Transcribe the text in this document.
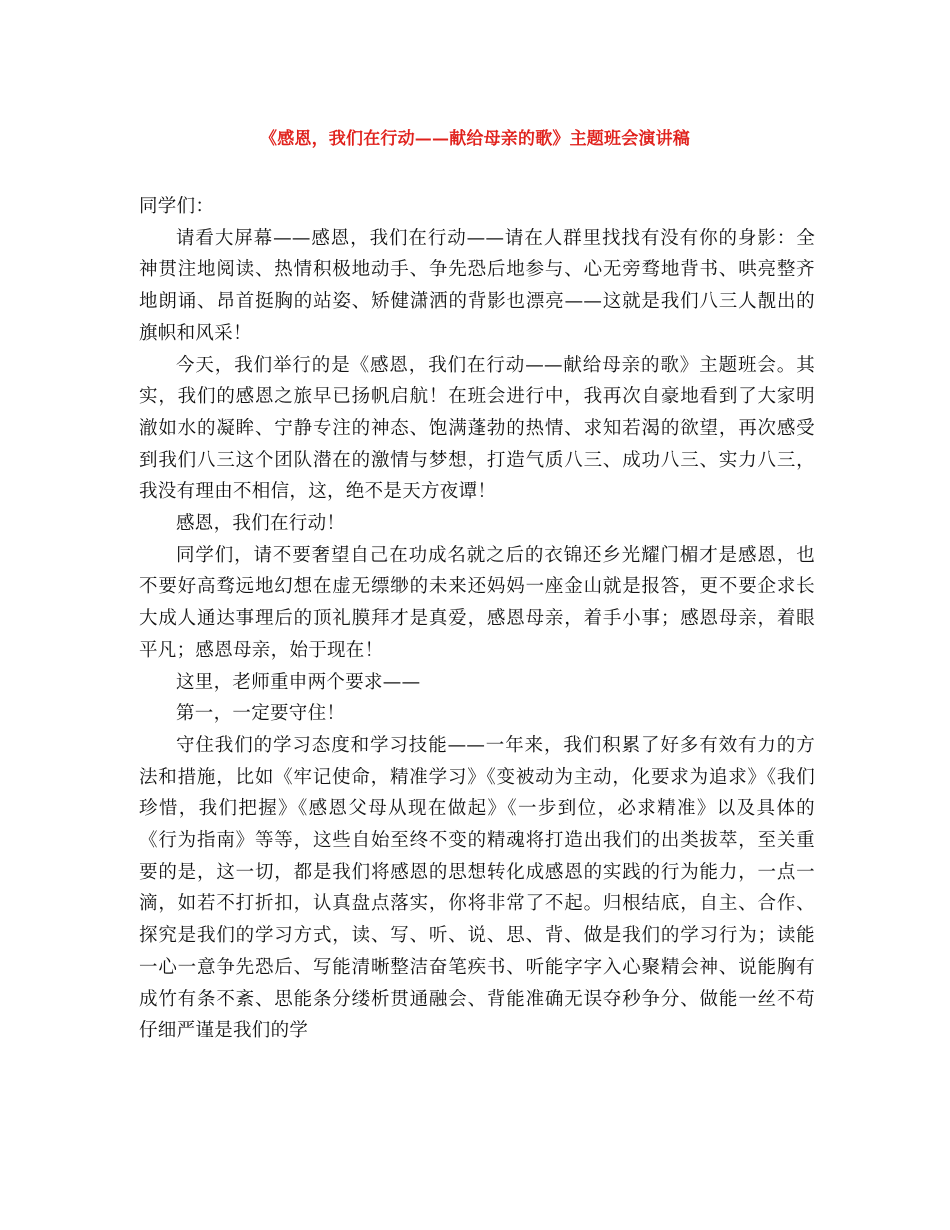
《感恩，我们在行动——献给母亲的歌》主题班会演讲稿

同学们：

请看大屏幕——感恩，我们在行动——请在人群里找找有没有你的身影：全神贯注地阅读、热情积极地动手、争先恐后地参与、心无旁骛地背书、哄亮整齐地朗诵、昂首挺胸的站姿、矫健潇洒的背影也漂亮——这就是我们八三人靓出的旗帜和风采！

今天，我们举行的是《感恩，我们在行动——献给母亲的歌》主题班会。其实，我们的感恩之旅早已扬帆启航！在班会进行中，我再次自豪地看到了大家明澈如水的凝眸、宁静专注的神态、饱满蓬勃的热情、求知若渴的欲望，再次感受到我们八三这个团队潜在的激情与梦想，打造气质八三、成功八三、实力八三，我没有理由不相信，这，绝不是天方夜谭！

感恩，我们在行动！

同学们，请不要奢望自己在功成名就之后的衣锦还乡光耀门楣才是感恩，也不要好高骛远地幻想在虚无缥缈的未来还妈妈一座金山就是报答，更不要企求长大成人通达事理后的顶礼膜拜才是真爱，感恩母亲，着手小事；感恩母亲，着眼平凡；感恩母亲，始于现在！

这里，老师重申两个要求——

第一，一定要守住！

守住我们的学习态度和学习技能——一年来，我们积累了好多有效有力的方法和措施，比如《牢记使命，精准学习》《变被动为主动，化要求为追求》《我们珍惜，我们把握》《感恩父母从现在做起》《一步到位，必求精准》以及具体的《行为指南》等等，这些自始至终不变的精魂将打造出我们的出类拔萃，至关重要的是，这一切，都是我们将感恩的思想转化成感恩的实践的行为能力，一点一滴，如若不打折扣，认真盘点落实，你将非常了不起。归根结底，自主、合作、探究是我们的学习方式，读、写、听、说、思、背、做是我们的学习行为；读能一心一意争先恐后、写能清晰整洁奋笔疾书、听能字字入心聚精会神、说能胸有成竹有条不紊、思能条分缕析贯通融会、背能准确无误夺秒争分、做能一丝不苟仔细严谨是我们的学
